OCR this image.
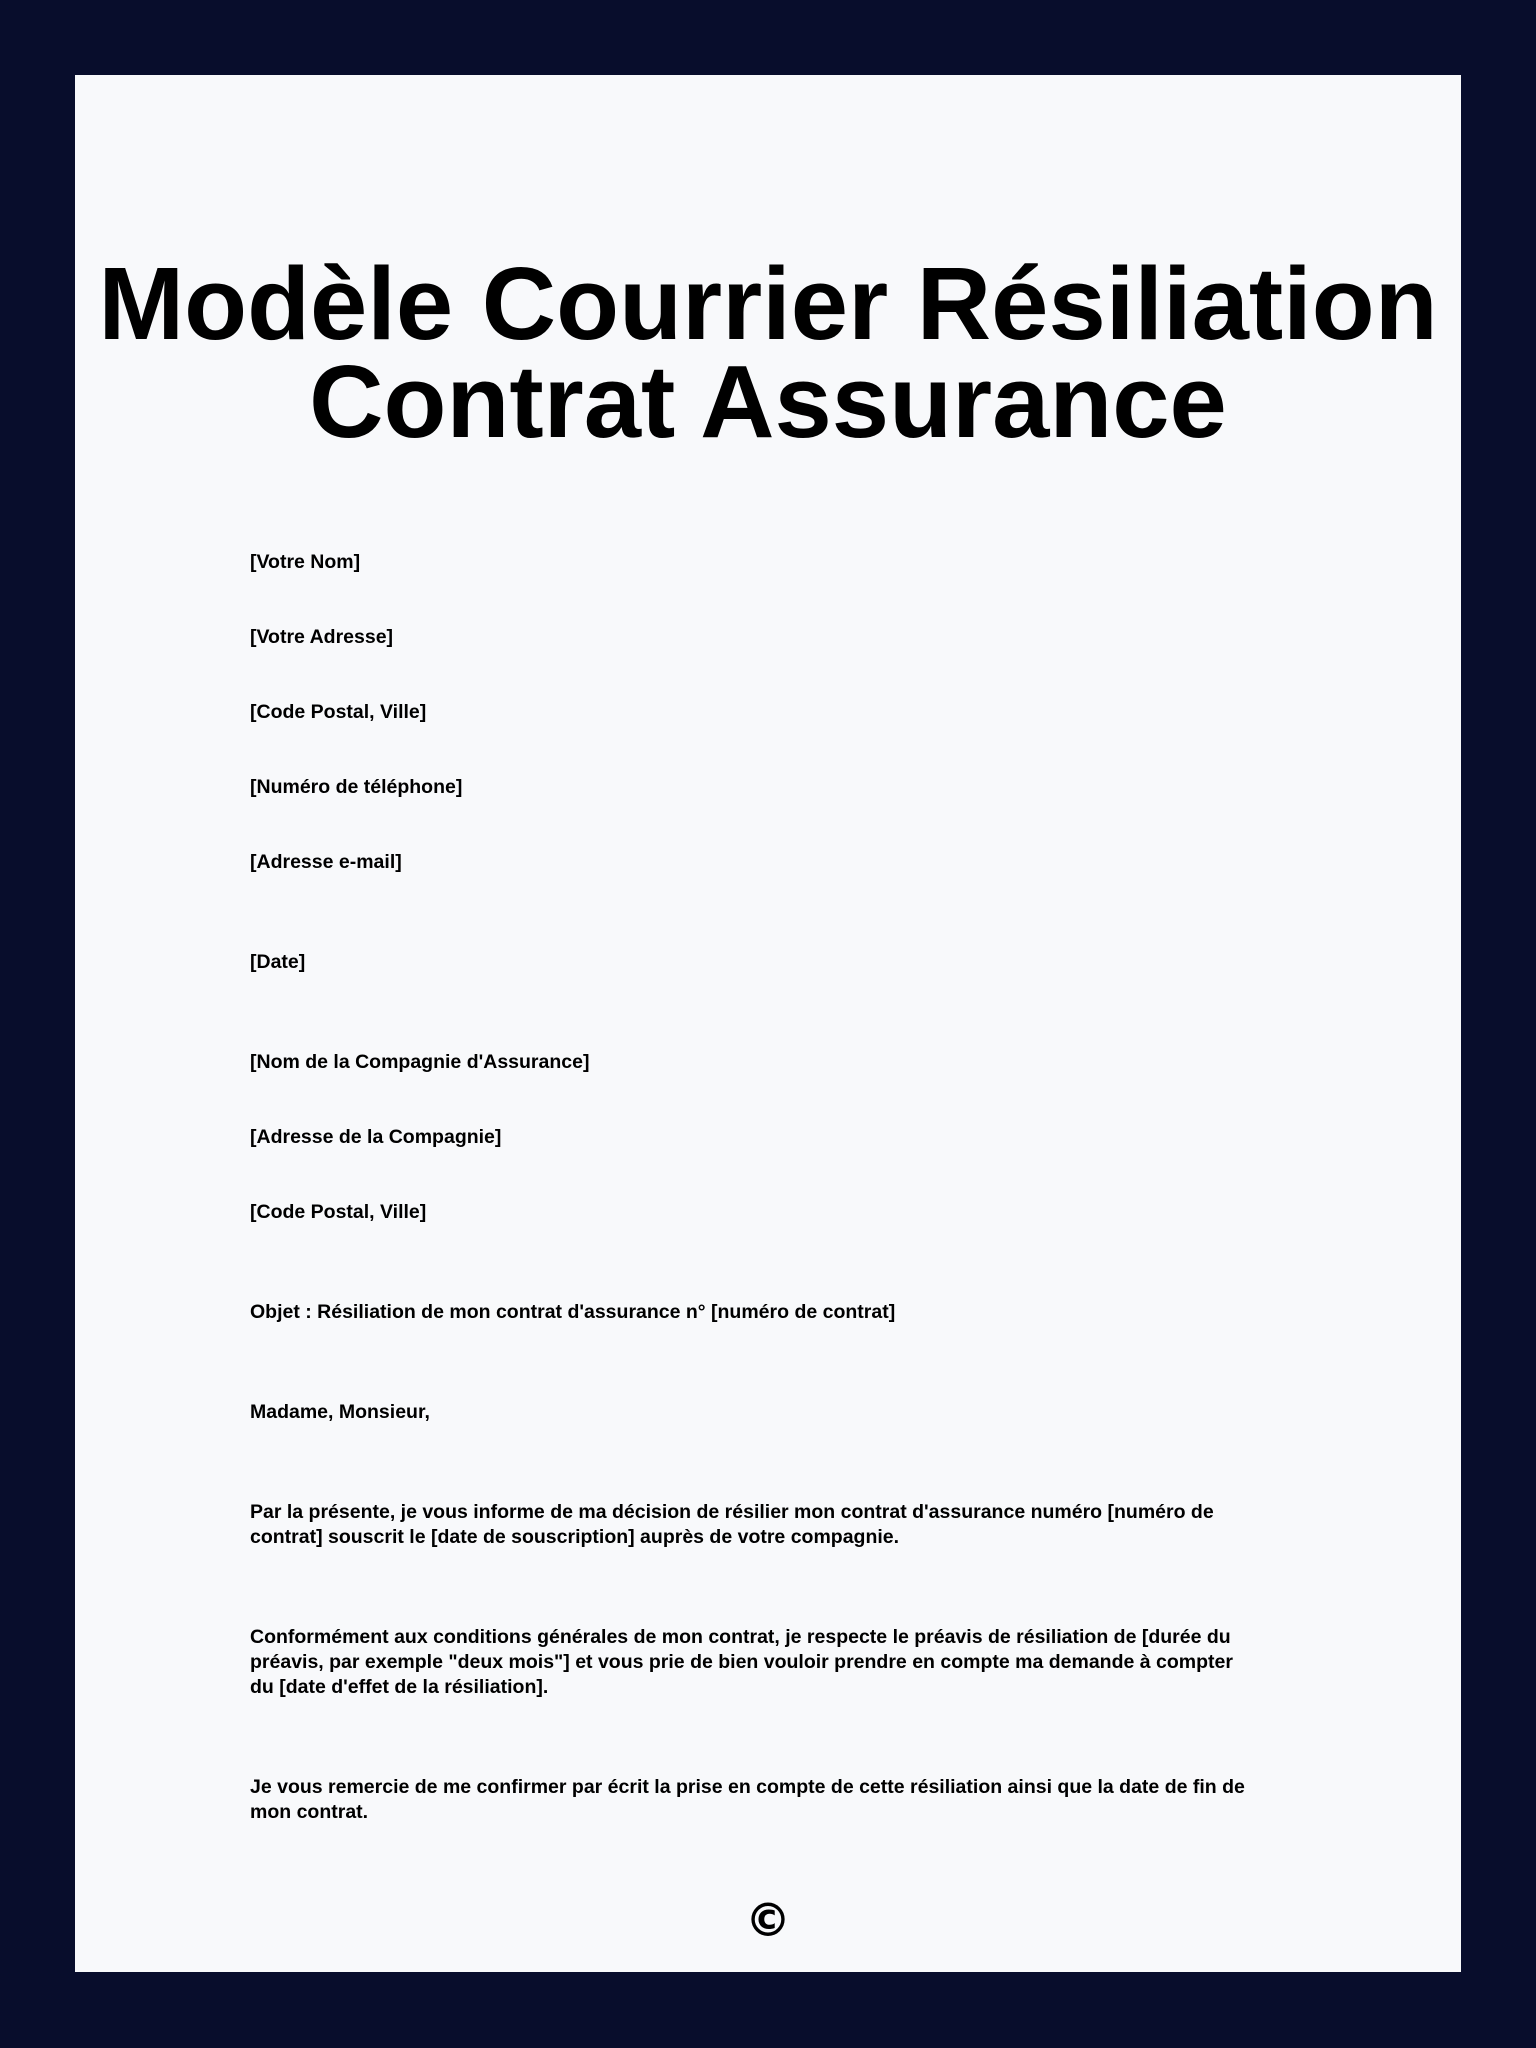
Modèle Courrier Résiliation Contrat Assurance

[Votre Nom]

[Votre Adresse]

[Code Postal, Ville]

[Numéro de téléphone]

[Adresse e-mail]

[Date]

[Nom de la Compagnie d'Assurance]

[Adresse de la Compagnie]

[Code Postal, Ville]

Objet : Résiliation de mon contrat d'assurance n° [numéro de contrat]

Madame, Monsieur,

Par la présente, je vous informe de ma décision de résilier mon contrat d'assurance numéro [numéro de contrat] souscrit le [date de souscription] auprès de votre compagnie.

Conformément aux conditions générales de mon contrat, je respecte le préavis de résiliation de [durée du préavis, par exemple "deux mois"] et vous prie de bien vouloir prendre en compte ma demande à compter du [date d'effet de la résiliation].

Je vous remercie de me confirmer par écrit la prise en compte de cette résiliation ainsi que la date de fin de mon contrat.

©
